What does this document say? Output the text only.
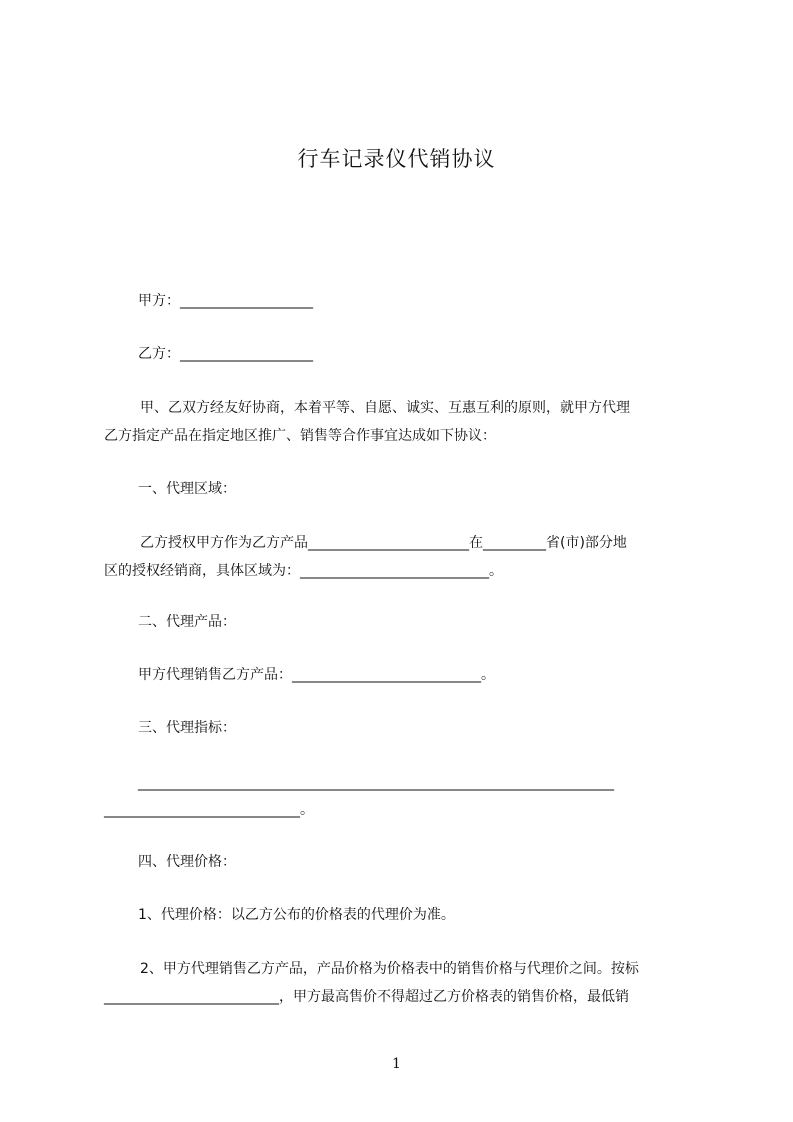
行车记录仪代销协议
甲方：___________________
乙方：___________________
甲、乙双方经友好协商，本着平等、自愿、诚实、互惠互利的原则，就甲方代理
乙方指定产品在指定地区推广、销售等合作事宜达成如下协议：
一、代理区域：
乙方授权甲方作为乙方产品_______________________在_________省(市)部分地
区的授权经销商，具体区域为：___________________________。
二、代理产品：
甲方代理销售乙方产品：___________________________。
三、代理指标：
____________________________________________________________________
____________________________。
四、代理价格：
1、代理价格：以乙方公布的价格表的代理价为准。
2、甲方代理销售乙方产品，产品价格为价格表中的销售价格与代理价之间。按标
_________________________，甲方最高售价不得超过乙方价格表的销售价格，最低销
1
